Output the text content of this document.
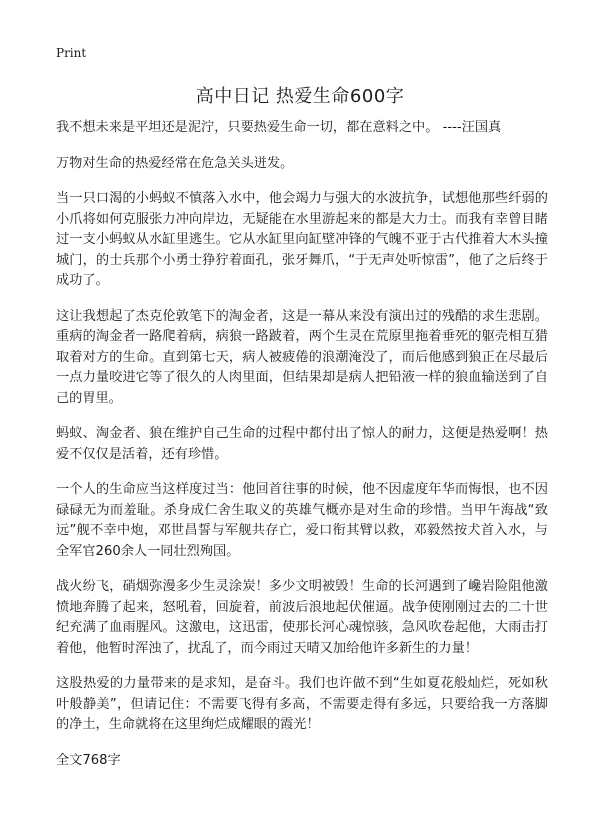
Print
高中日记 热爱生命600字

我不想未来是平坦还是泥泞，只要热爱生命一切，都在意料之中。 ----汪国真

万物对生命的热爱经常在危急关头迸发。

当一只口渴的小蚂蚁不慎落入水中，他会竭力与强大的水波抗争，试想他那些纤弱的小爪将如何克服张力冲向岸边，无疑能在水里游起来的都是大力士。而我有幸曾目睹过一支小蚂蚁从水缸里逃生。它从水缸里向缸壁冲锋的气魄不亚于古代推着大木头撞城门，的士兵那个小勇士狰狞着面孔，张牙舞爪，“于无声处听惊雷”，他了之后终于成功了。

这让我想起了杰克伦敦笔下的淘金者，这是一幕从来没有演出过的残酷的求生悲剧。重病的淘金者一路爬着病，病狼一路跛着，两个生灵在荒原里拖着垂死的躯壳相互猎取着对方的生命。直到第七天，病人被疲倦的浪潮淹没了，而后他感到狼正在尽最后一点力量咬进它等了很久的人肉里面，但结果却是病人把铅液一样的狼血输送到了自己的胃里。

蚂蚁、淘金者、狼在维护自己生命的过程中都付出了惊人的耐力，这便是热爱啊！热爱不仅仅是活着，还有珍惜。

一个人的生命应当这样度过当：他回首往事的时候，他不因虚度年华而悔恨，也不因碌碌无为而羞耻。杀身成仁舍生取义的英雄气概亦是对生命的珍惜。当甲午海战“致远”舰不幸中炮，邓世昌誓与军舰共存亡，爱口衔其臂以救，邓毅然按犬首入水，与全军官260余人一同壮烈殉国。

战火纷飞，硝烟弥漫多少生灵涂炭！多少文明被毁！生命的长河遇到了巉岩险阻他激愤地奔腾了起来，怒吼着，回旋着，前波后浪地起伏催逼。战争使刚刚过去的二十世纪充满了血雨腥风。这激电，这迅雷，使那长河心魂惊骇，急风吹卷起他，大雨击打着他，他暂时浑浊了，扰乱了，而今雨过天晴又加给他许多新生的力量！

这股热爱的力量带来的是求知，是奋斗。我们也许做不到“生如夏花般灿烂，死如秋叶般静美”，但请记住：不需要飞得有多高，不需要走得有多远，只要给我一方落脚的净土，生命就将在这里绚烂成耀眼的霞光！

全文768字
